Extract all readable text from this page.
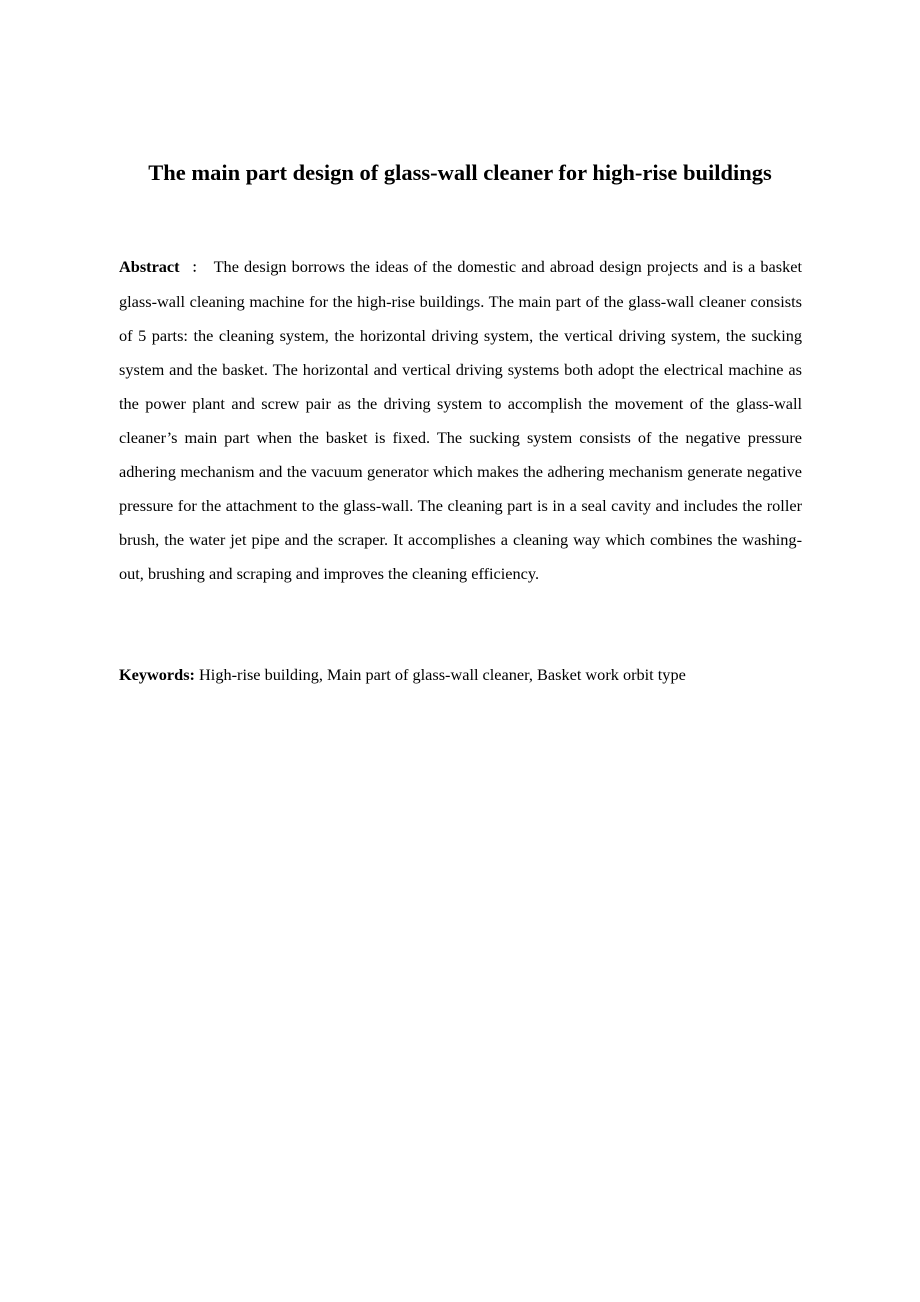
The main part design of glass-wall cleaner for high-rise buildings

Abstract ： The design borrows the ideas of the domestic and abroad design projects and is a basket glass-wall cleaning machine for the high-rise buildings. The main part of the glass-wall cleaner consists of 5 parts: the cleaning system, the horizontal driving system, the vertical driving system, the sucking system and the basket. The horizontal and vertical driving systems both adopt the electrical machine as the power plant and screw pair as the driving system to accomplish the movement of the glass-wall cleaner’s main part when the basket is fixed. The sucking system consists of the negative pressure adhering mechanism and the vacuum generator which makes the adhering mechanism generate negative pressure for the attachment to the glass-wall. The cleaning part is in a seal cavity and includes the roller brush, the water jet pipe and the scraper. It accomplishes a cleaning way which combines the washing-out, brushing and scraping and improves the cleaning efficiency.

Keywords: High-rise building, Main part of glass-wall cleaner, Basket work orbit type
